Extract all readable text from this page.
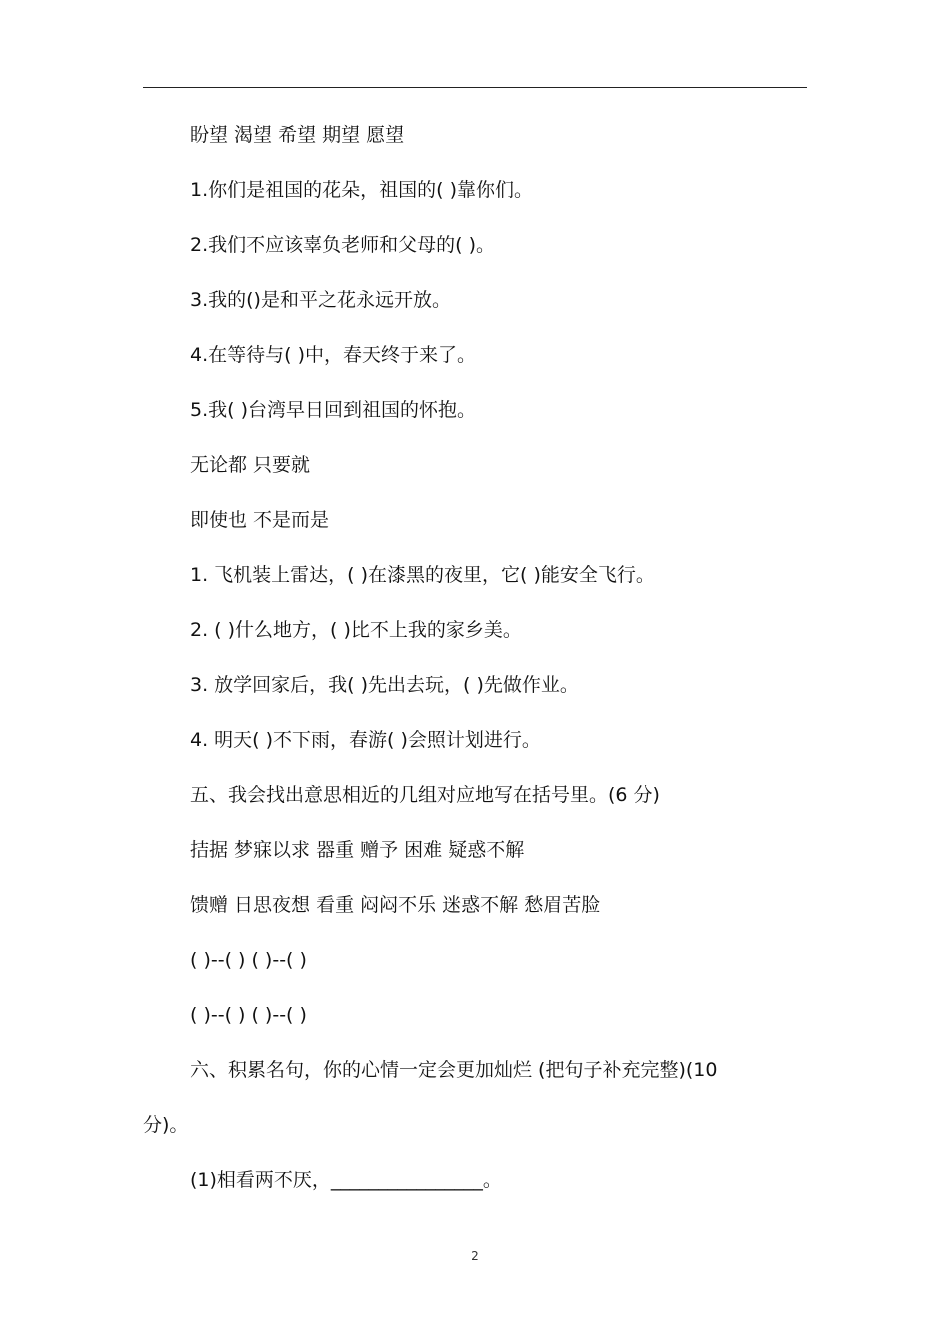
盼望 渴望 希望 期望 愿望
1.你们是祖国的花朵，祖国的( )靠你们。
2.我们不应该辜负老师和父母的( )。
3.我的()是和平之花永远开放。
4.在等待与( )中，春天终于来了。
5.我( )台湾早日回到祖国的怀抱。
无论都 只要就
即使也 不是而是
1. 飞机装上雷达，( )在漆黑的夜里，它( )能安全飞行。
2. ( )什么地方，( )比不上我的家乡美。
3. 放学回家后，我( )先出去玩，( )先做作业。
4. 明天( )不下雨，春游( )会照计划进行。
五、我会找出意思相近的几组对应地写在括号里。(6 分)
拮据 梦寐以求 器重 赠予 困难 疑惑不解
馈赠 日思夜想 看重 闷闷不乐 迷惑不解 愁眉苦脸
( )--( ) ( )--( )
( )--( ) ( )--( )
六、积累名句，你的心情一定会更加灿烂 (把句子补充完整)(10
分)。
(1)相看两不厌，________________。
2
